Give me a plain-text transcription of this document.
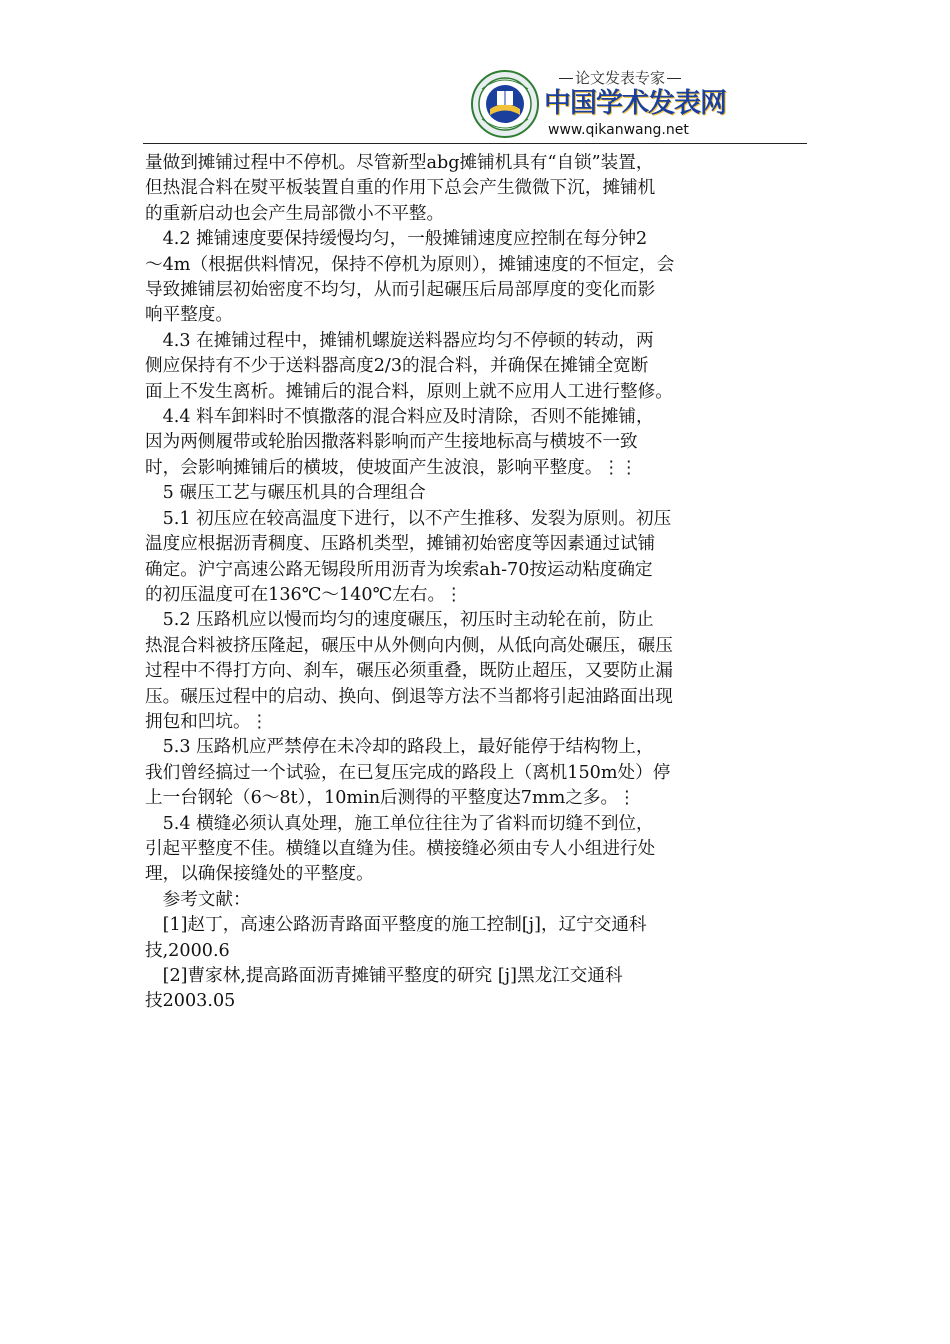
论文发表专家
中国学术发表网
www.qikanwang.net

量做到摊铺过程中不停机。尽管新型abg摊铺机具有“自锁”装置，

但热混合料在熨平板装置自重的作用下总会产生微微下沉，摊铺机

的重新启动也会产生局部微小不平整。

　4.2 摊铺速度要保持缓慢均匀，一般摊铺速度应控制在每分钟2

～4m（根据供料情况，保持不停机为原则），摊铺速度的不恒定，会

导致摊铺层初始密度不均匀，从而引起碾压后局部厚度的变化而影

响平整度。

　4.3 在摊铺过程中，摊铺机螺旋送料器应均匀不停顿的转动，两

侧应保持有不少于送料器高度2/3的混合料，并确保在摊铺全宽断

面上不发生离析。摊铺后的混合料，原则上就不应用人工进行整修。

　4.4 料车卸料时不慎撒落的混合料应及时清除，否则不能摊铺，

因为两侧履带或轮胎因撒落料影响而产生接地标高与横坡不一致

时，会影响摊铺后的横坡，使坡面产生波浪，影响平整度。⋮⋮

　5 碾压工艺与碾压机具的合理组合

　5.1 初压应在较高温度下进行，以不产生推移、发裂为原则。初压

温度应根据沥青稠度、压路机类型，摊铺初始密度等因素通过试铺

确定。沪宁高速公路无锡段所用沥青为埃索ah-70按运动粘度确定

的初压温度可在136℃～140℃左右。⋮

　5.2 压路机应以慢而均匀的速度碾压，初压时主动轮在前，防止

热混合料被挤压隆起，碾压中从外侧向内侧，从低向高处碾压，碾压

过程中不得打方向、刹车，碾压必须重叠，既防止超压，又要防止漏

压。碾压过程中的启动、换向、倒退等方法不当都将引起油路面出现

拥包和凹坑。⋮

　5.3 压路机应严禁停在未冷却的路段上，最好能停于结构物上，

我们曾经搞过一个试验，在已复压完成的路段上（离机150m处）停

上一台钢轮（6～8t），10min后测得的平整度达7mm之多。⋮

　5.4 横缝必须认真处理，施工单位往往为了省料而切缝不到位，

引起平整度不佳。横缝以直缝为佳。横接缝必须由专人小组进行处

理，以确保接缝处的平整度。

　参考文献：

　[1]赵丁，高速公路沥青路面平整度的施工控制[j]，辽宁交通科

技,2000.6

　[2]曹家林,提高路面沥青摊铺平整度的研究 [j]黑龙江交通科

技2003.05
